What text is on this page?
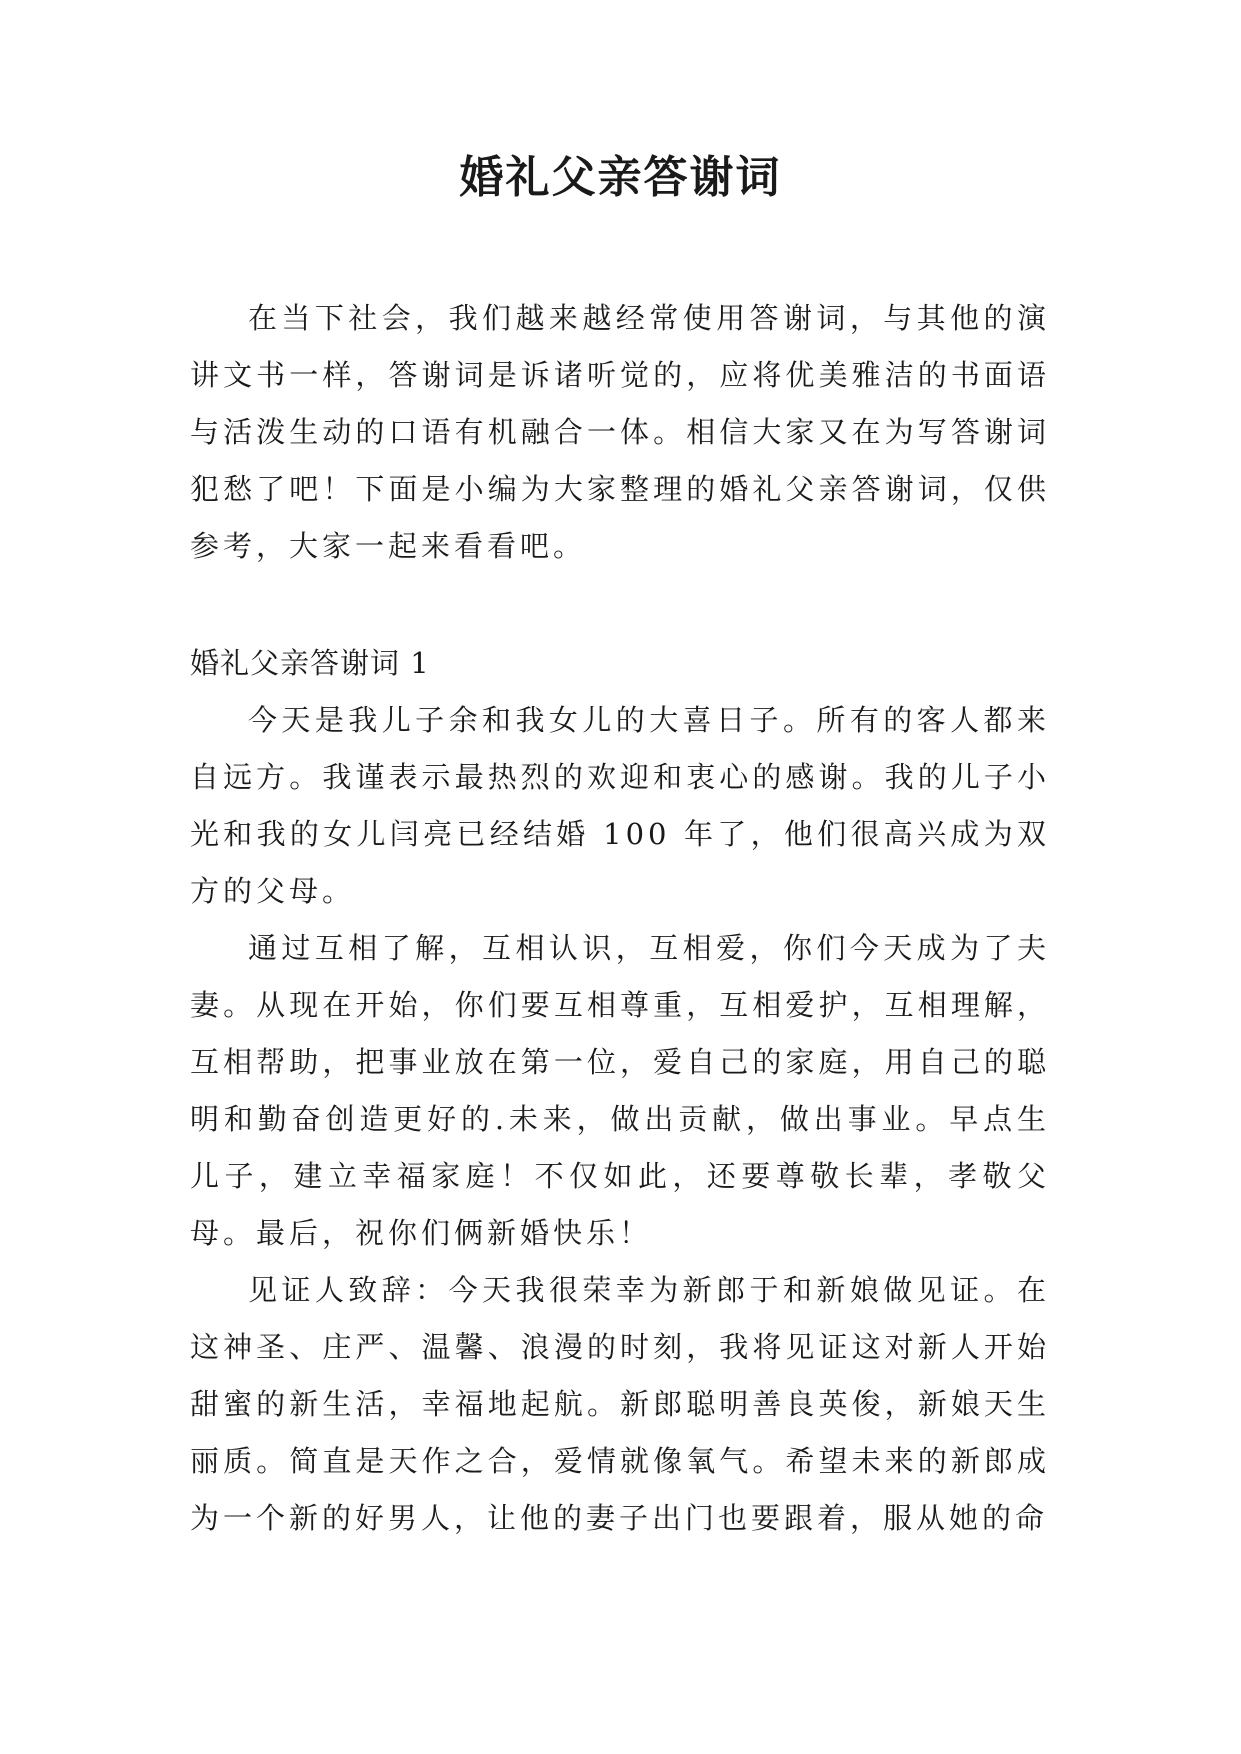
婚礼父亲答谢词

在当下社会，我们越来越经常使用答谢词，与其他的演讲文书一样，答谢词是诉诸听觉的，应将优美雅洁的书面语与活泼生动的口语有机融合一体。相信大家又在为写答谢词犯愁了吧！下面是小编为大家整理的婚礼父亲答谢词，仅供参考，大家一起来看看吧。

婚礼父亲答谢词 1

今天是我儿子余和我女儿的大喜日子。所有的客人都来自远方。我谨表示最热烈的欢迎和衷心的感谢。我的儿子小光和我的女儿闫亮已经结婚 100 年了，他们很高兴成为双方的父母。

通过互相了解，互相认识，互相爱，你们今天成为了夫妻。从现在开始，你们要互相尊重，互相爱护，互相理解，互相帮助，把事业放在第一位，爱自己的家庭，用自己的聪明和勤奋创造更好的.未来，做出贡献，做出事业。早点生儿子，建立幸福家庭！不仅如此，还要尊敬长辈，孝敬父母。最后，祝你们俩新婚快乐！

见证人致辞：今天我很荣幸为新郎于和新娘做见证。在这神圣、庄严、温馨、浪漫的时刻，我将见证这对新人开始甜蜜的新生活，幸福地起航。新郎聪明善良英俊，新娘天生丽质。简直是天作之合，爱情就像氧气。希望未来的新郎成为一个新的好男人，让他的妻子出门也要跟着，服从她的命
